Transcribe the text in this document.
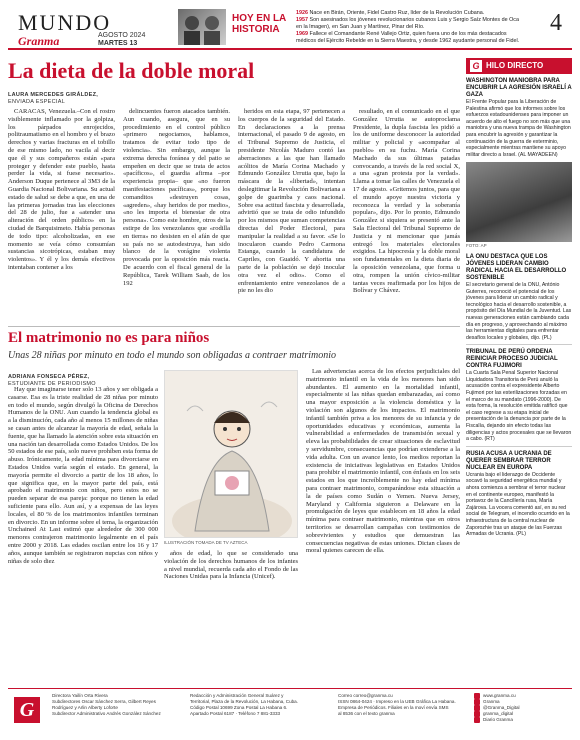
MUNDO
Granma	AGOSTO 2024
MARTES 13
HOY EN LA HISTORIA
1926 Nace en Birán, Oriente, Fidel Castro Ruz, líder de la Revolución Cubana.
1957 Son asesinados los jóvenes revolucionarios cubanos Luis y Sergio Saíz Montes de Oca en la Imagen), en San Juan y Martínez, Pinar del Río.
1969 Fallece el Comandante René Vallejo Ortiz, quien fuera uno de los más destacados médicos del Ejército Rebelde en la Sierra Maestra, y desde 1962 ayudante personal de Fidel.
4
La dieta de la doble moral
LAURA MERCEDES GIRÁLDEZ,
ENVIADA ESPECIAL

CARACAS, Venezuela.–Con el rostro visiblemente inflamado por la golpiza, los párpados enrojecidos, politraumatismo en el hombro y el brazo derechos y varias fracturas en el tobillo de ese mismo lado, no vacila al decir que él y sus compañeros están «para proteger y defender este pueblo, hasta perder la vida, si fuese necesario». Anderson Duque pertenece al 3M3 de la Guardia Nacional Bolivariana. Su actual estado de salud se debe a que, en una de las primeras jornadas tras las elecciones del 28 de julio, fue a «atender una alteración del orden público» en la ciudad de Barquisimeto. Había personas de todo tipo: alcoholizadas, en ese momento se veía cómo consumían sustancias sicotrópicas, estaban muy violentos». Y él y los demás efectivos intentaban contener a los

delincuentes fueron atacados también. Aun cuando, asegura, que en su procedimiento en el control público «primero negociamos, hablamos, tratamos de evitar todo tipo de violencia». Sin embargo, aunque la extrema derecha foránea y del patio se empeñen en decir que se trata de actos «pacíficos», el guardia afirma –por experiencia propia– que «no fueron manifestaciones pacíficas», porque los comanditos «destruyen cosas, «agreden», «hay heridos de por medio», «no les importa el bienestar de otra persona». Como este hombre, otros de la estirpe de los venezolanos que «rodilla en tierra» no desisten en el afán de que su país no se autodestruya, han sido blanco de la vorágine violenta provocada por la oposición más reacia. De acuerdo con el fiscal general de la República, Tarek William Saab, de los 192

heridos en esta etapa, 97 pertenecen a los cuerpos de la seguridad del Estado. En declaraciones a la prensa internacional, el pasado 9 de agosto, en el Tribunal Supremo de Justicia, el presidente Nicolás Maduro contó las aberraciones a las que han llamado acólitos de María Corina Machado y Edmundo González Urrutia que, bajo la máscara de la «libertad», intentan deslegitimar la Revolución Bolivariana a golpe de guarimba y caos nacional. Sobre esa actitud fascista y desarrollada, advirtió que se trata de odio infundido por los mismos que suman competencias directas del Poder Electoral, para manipular la realidad a su favor. «Se lo inocularon cuando Pedro Carmona Estanga, cuando la candidatura de Capriles, con Guaidó. Y ahorita una parte de la población se dejó inocular otra vez el odio». Como el enfrentamiento entre venezolanos de a pie no les dio

resultado, en el comunicado en el que González Urrutia se autoproclama Presidente, la dupla fascista les pidió a los de uniforme desconocer la autoridad militar y policial y «acompañar al pueblo» en su fuchu. María Corina Machado da sus últimas patadas convocando, a través de la red social X, a una «gran protesta por la verdad». Llama a tomar las calles de Venezuela el 17 de agosto. «Gritemos juntos, para que el mundo apoye nuestra victoria y reconozca la verdad y la soberanía popular», dijo. Por lo pronto, Edmundo González si siquiera se presentó ante la Sala Electoral del Tribunal Supremo de Justicia y ni mencionar que jamás entregó los materiales electorales exigidos. La hipocresía y la doble moral son fundamentales en la dieta diaria de la oposición venezolana, que forma u otra, rompen la unión cívico-militar tantas veces reafirmada por los hijos de Bolívar y Chávez.

El matrimonio no es para niños
Unas 28 niñas por minuto en todo el mundo son obligadas a contraer matrimonio
ADRIANA FONSECA PÉREZ,
ESTUDIANTE DE PERIODISMO

Hay que imaginarse tener solo 13 años y ser obligada a casarse. Esa es la triste realidad de 28 niñas por minuto en todo el mundo, según divulgó la Oficina de Derechos Humanos de la ONU. Aun cuando la tendencia global es a la disminución, cada año al menos 15 millones de niñas se casan antes de alcanzar la mayoría de edad, señala la fuente, que ha llamado la atención sobre esta situación en una nación tan desarrollada como Estados Unidos. De los 50 estados de ese país, solo nueve prohíben esta forma de abuso. Irónicamente, la edad mínima para divorciarse en Estados Unidos varía según el estado. En general, la mayoría permite el divorcio a partir de los 18 años, lo que significa que, en la mayor parte del país, está aprobado el matrimonio con niños, pero estos no se pueden separar de esa pareja: porque no tienen la edad suficiente para ello. Aun así, y a expensas de las leyes locales, el 80 % de los matrimonios infantiles terminan en divorcio. En un informe sobre el tema, la organización Unchained At Last estimó que alrededor de 300 000 menores contrajeron matrimonio legalmente en el país entre 2000 y 2018. Las edades oscilan entre los 16 y 17 años, aunque también se registraron nupcias con niños y niñas de solo diez

ILUSTRACIÓN TOMADA DE TV AZTECA

años de edad, lo que se considerado una violación de los derechos humanos de los infantes a nivel mundial, recuerda cada año el Fondo de las Naciones Unidas para la Infancia (Unicef).

Las advertencias acerca de los efectos perjudiciales del matrimonio infantil en la vida de los menores han sido abundantes. El aumento en la mortalidad infantil, especialmente si las niñas quedan embarazadas, así como una mayor exposición a la violencia doméstica y la violación son algunos de los impactos. El matrimonio infantil también priva a los menores de su infancia y de oportunidades educativas y económicas, aumenta la vulnerabilidad a enfermedades de transmisión sexual y eleva las probabilidades de crear situaciones de esclavitud y servidumbre, consecuencias que podrían extenderse a la vida adulta. Con un avance lento, los medios reportan la existencia de iniciativas legislativas en Estados Unidos para prohibir el matrimonio infantil, con énfasis en los seis estados en los que increíblemente no hay edad mínima para contraer matrimonio, comparándose esta situación a la de países como Sudán o Yemen. Nueva Jersey, Maryland y California siguieron a Delaware en la promulgación de leyes que establecen en 18 años la edad mínima para contraer matrimonio, mientras que en otros territorios se desarrollan campañas con testimonios de sobrevivientes y estudios que demuestran las consecuencias negativas de estas uniones. Dictan clases de moral quienes carecen de ella.

G HILO DIRECTO
WASHINGTON MANIOBRA PARA ENCUBRIR LA AGRESIÓN ISRAELÍ A GAZA
El Frente Popular para la Liberación de Palestina afirmó que los informes sobre los esfuerzos estadounidenses para imponer un acuerdo de alto el fuego no son más que una maniobra y una nueva trampa de Washington para encubrir la agresión y garantizar la continuación de la guerra de exterminio, especialmente mientras mantiene su apoyo militar directo a Israel. (AL MAYADEEN)
FOTO: AP
LA ONU DESTACA QUE LOS JÓVENES LIDERAN CAMBIO RADICAL HACIA EL DESARROLLO SOSTENIBLE
El secretario general de la ONU, António Guterres, reconoció el potencial de los jóvenes para liderar un cambio radical y tecnológico hacia el desarrollo sostenible, a propósito del Día Mundial de la Juventud. Las nuevas generaciones están cambiando cada día en progreso, y aprovechando al máximo las herramientas digitales para enfrentar desafíos locales y globales, dijo. (PL)
TRIBUNAL DE PERÚ ORDENA REINICIAR PROCESO JUDICIAL CONTRA FUJIMORI
La Cuarta Sala Penal Superior Nacional Liquidadora Transitoria de Perú anuló la acusación contra el expresidente Alberto Fujimori por las esterilizaciones forzadas en el marco de su mandato (1996-2000). De esta forma, la resolución emitida ratificó que el caso regrese a su etapa inicial de presentación de la denuncia por parte de la Fiscalía, dejando sin efecto todas las diligencias y actos procesales que se llevaron a cabo. (RT)
RUSIA ACUSA A UCRANIA DE QUERER SEMBRAR TERROR NUCLEAR EN EUROPA
Ucrania bajo el liderazgo de Occidente socavó la seguridad energética mundial y ahora comienza a sembrar el terror nuclear en el continente europeo, manifestó la portavoz de la Cancillería rusa, María Zajárova. La vocera comentó así, en su red social de Telegram, el incendio ocurrido en la infraestructura de la central nuclear de Zaporozhie tras un ataque de las Fuerzas Armadas de Ucrania. (PL)
G
Directora Yailín Orta Rivera
Subdirectores Oscar Sánchez Serra, Gilbert Reyes
Rodríguez y Arlin Alberty Loforte
Subdirector Administrativo Andrés González Sánchez
Redacción y Administración General Suárez y
Territorial, Plaza de la Revolución, La Habana, Cuba.
Código Postal 10699 Zona Postal La Habana 6.
Apartado Postal 6187 · Teléfono 7 881-3333
Correo correo@granma.cu
ISSN 0864-0424 · Impreso en la UEB Gráfica La Habana.
Empresa de Periódicos. Filiales en la moví envía SMS
al 8536 con el texto granma
www.granma.cu
Granma
@Granma_Digital
granma_digital
Diario Granma
